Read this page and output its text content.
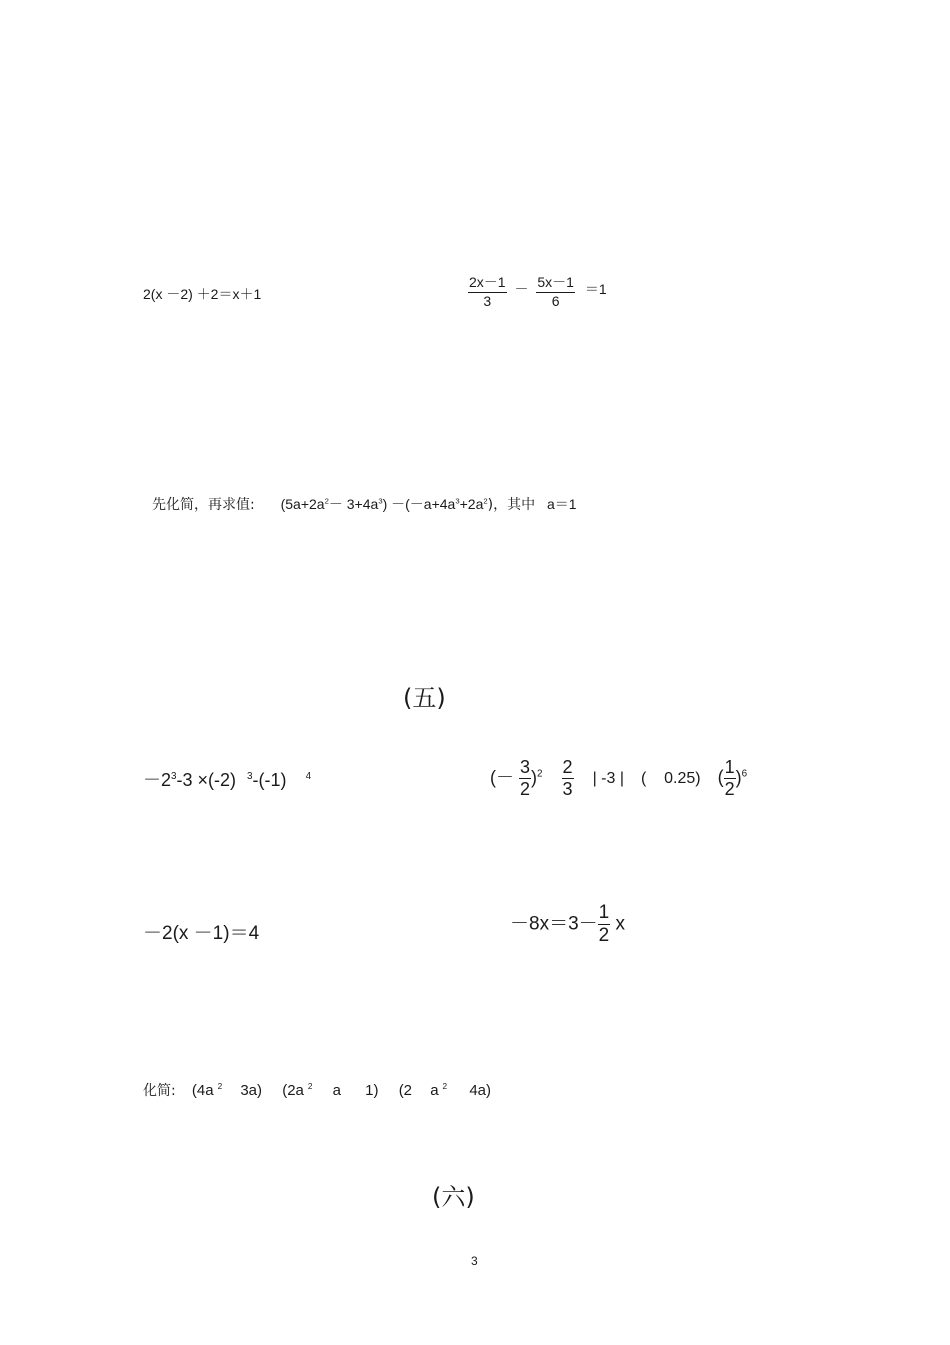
2(x －2) ＋2＝x＋1	$\frac{2x-1}{3} - \frac{5x-1}{6} =1$
先化简，再求值: $(5a+2a^2- 3+4a^3) -(-a+4a^3+2a^2)$，其中 a＝1
(五)
$-2^3-3 \times(-2)$ $^3$-(-1) $^4$	(－ $\frac{3}{2} )^2 \frac{2}{3}$ | -3 | (    0.25) ( $\frac{1}{2} )^6$
－2(x －1)＝4	$-8x=3- \frac{1}{2}$ x
化简: (4a $^2$ 3a) (2a $^2$ a 1) (2 a $^2$ 4a)
(六)
3
